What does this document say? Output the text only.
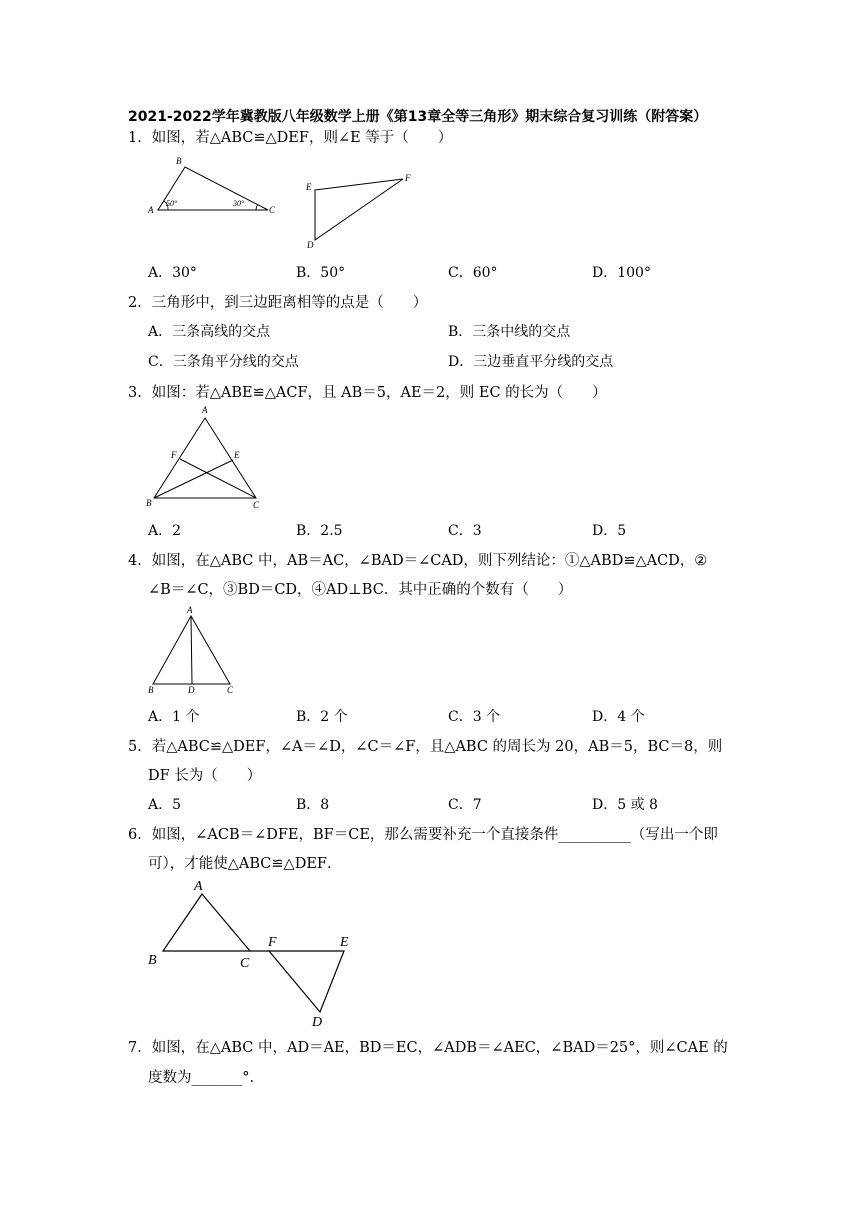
2021-2022学年冀教版八年级数学上册《第13章全等三角形》期末综合复习训练（附答案）
1．如图，若△ABC≌△DEF，则∠E 等于（　　）
A
B
C
50°	30°
E
F
D
A．30°	B．50°	C．60°	D．100°
2．三角形中，到三边距离相等的点是（　　）
A．三条高线的交点	B．三条中线的交点
C．三条角平分线的交点	D．三边垂直平分线的交点
3．如图：若△ABE≌△ACF，且 AB＝5，AE＝2，则 EC 的长为（　　）
A
F	E
B	C
A．2	B．2.5	C．3	D．5
4．如图，在△ABC 中，AB＝AC，∠BAD＝∠CAD，则下列结论：①△ABD≌△ACD，②
∠B＝∠C，③BD＝CD，④AD⊥BC．其中正确的个数有（　　）
A
B	D	C
A．1 个	B．2 个	C．3 个	D．4 个
5．若△ABC≌△DEF，∠A＝∠D，∠C＝∠F，且△ABC 的周长为 20，AB＝5，BC＝8，则
DF 长为（　　）
A．5	B．8	C．7	D．5 或 8
6．如图，∠ACB＝∠DFE，BF＝CE，那么需要补充一个直接条件__________（写出一个即
可），才能使△ABC≌△DEF．
A
B	C
F	E
D
7．如图，在△ABC 中，AD＝AE，BD＝EC，∠ADB＝∠AEC，∠BAD＝25°，则∠CAE 的
度数为_______°．
